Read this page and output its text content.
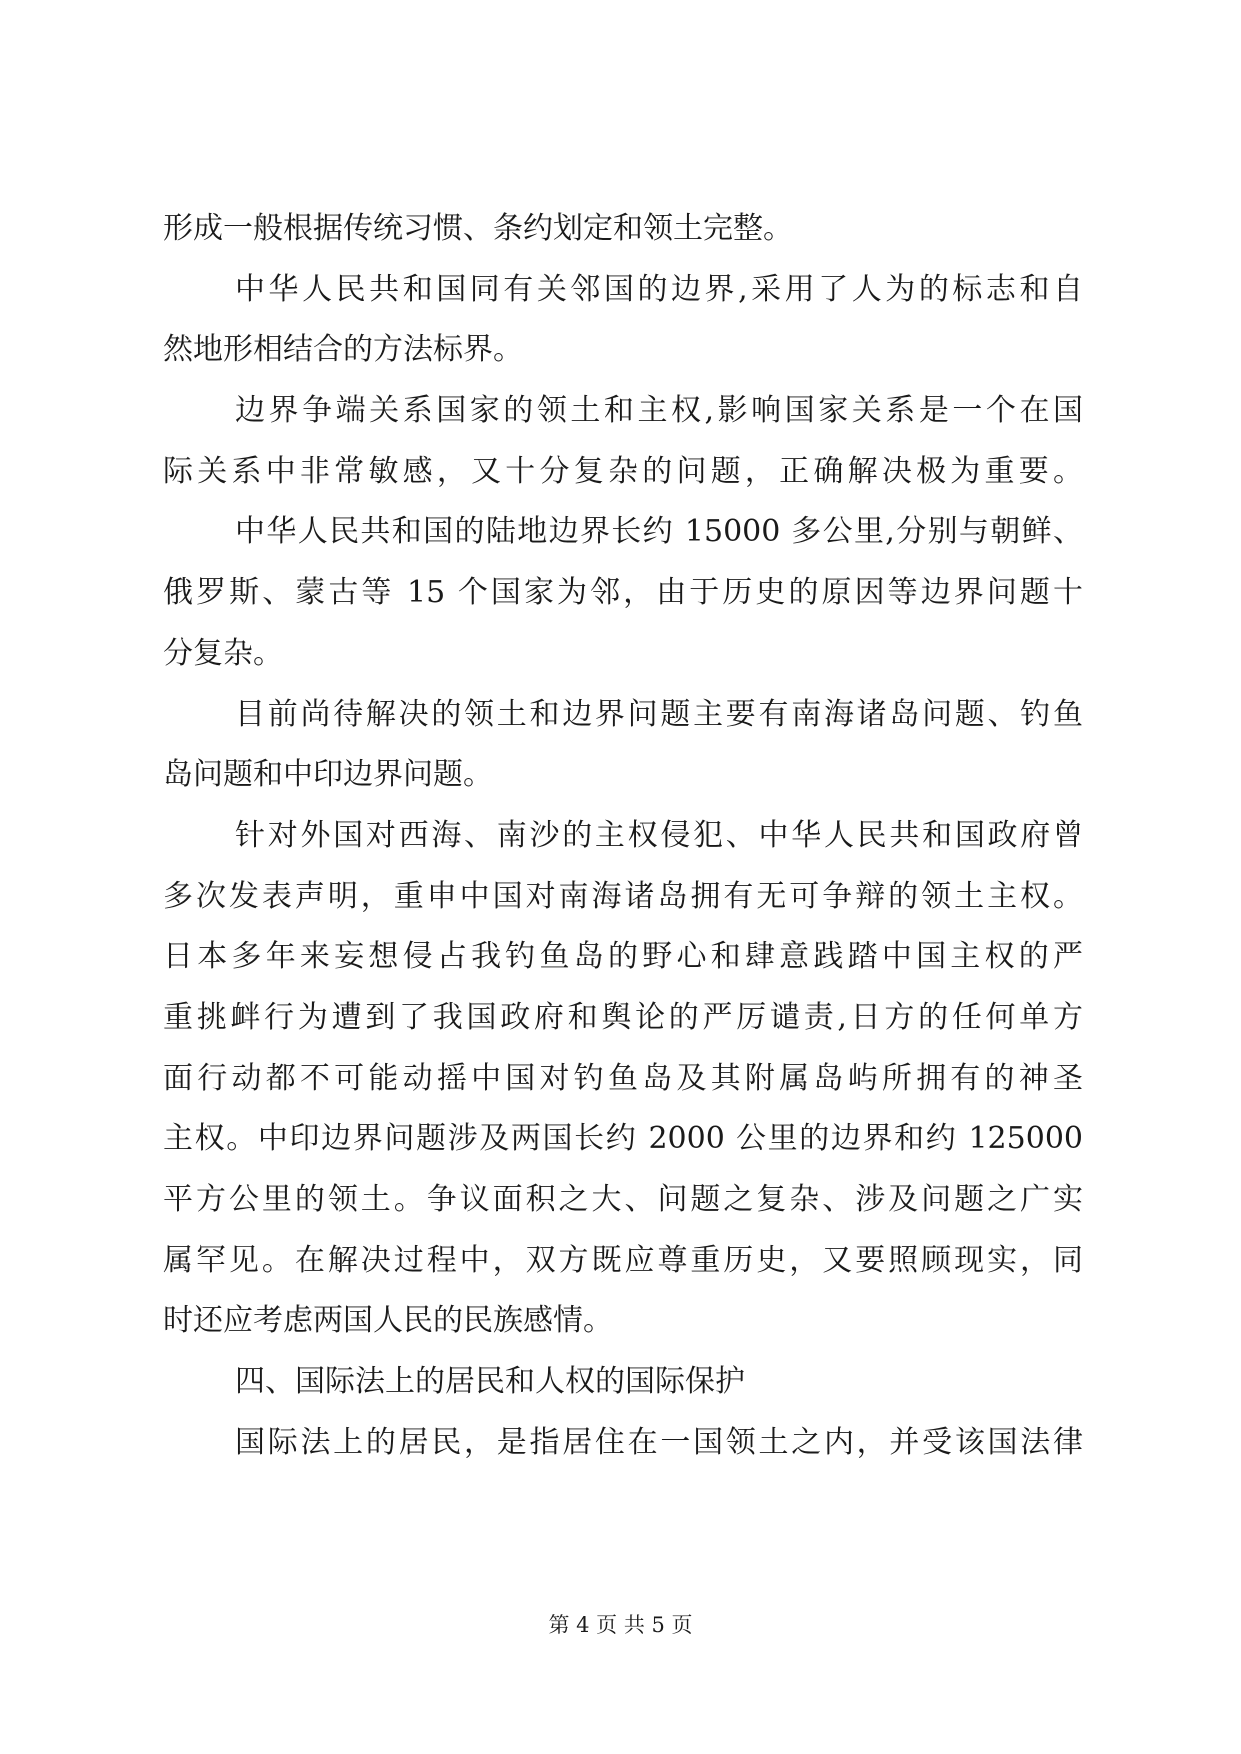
形成一般根据传统习惯、条约划定和领土完整。
中华人民共和国同有关邻国的边界,采用了人为的标志和自
然地形相结合的方法标界。
边界争端关系国家的领土和主权,影响国家关系是一个在国
际关系中非常敏感，又十分复杂的问题，正确解决极为重要。
中华人民共和国的陆地边界长约 15000 多公里,分别与朝鲜、
俄罗斯、蒙古等 15 个国家为邻，由于历史的原因等边界问题十
分复杂。
目前尚待解决的领土和边界问题主要有南海诸岛问题、钓鱼
岛问题和中印边界问题。
针对外国对西海、南沙的主权侵犯、中华人民共和国政府曾
多次发表声明，重申中国对南海诸岛拥有无可争辩的领土主权。
日本多年来妄想侵占我钓鱼岛的野心和肆意践踏中国主权的严
重挑衅行为遭到了我国政府和舆论的严厉谴责,日方的任何单方
面行动都不可能动摇中国对钓鱼岛及其附属岛屿所拥有的神圣
主权。中印边界问题涉及两国长约 2000 公里的边界和约 125000
平方公里的领土。争议面积之大、问题之复杂、涉及问题之广实
属罕见。在解决过程中，双方既应尊重历史，又要照顾现实，同
时还应考虑两国人民的民族感情。
四、国际法上的居民和人权的国际保护
国际法上的居民，是指居住在一国领土之内，并受该国法律
第 4 页 共 5 页
